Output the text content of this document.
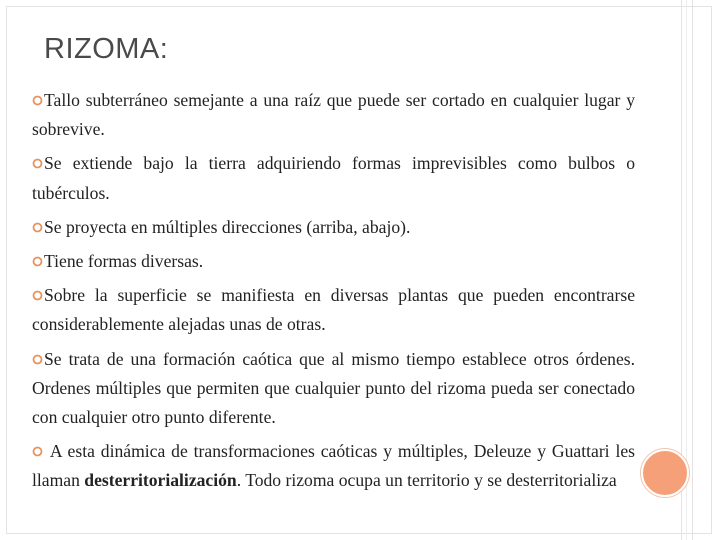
RIZOMA:
Tallo subterráneo semejante a una raíz que puede ser cortado en cualquier lugar y sobrevive.
Se extiende bajo la tierra adquiriendo formas imprevisibles como bulbos o tubérculos.
Se proyecta en múltiples direcciones (arriba, abajo).
Tiene formas diversas.
Sobre la superficie se manifiesta en diversas plantas que pueden encontrarse considerablemente alejadas unas de otras.
Se trata de una formación caótica que al mismo tiempo establece otros órdenes. Ordenes múltiples que permiten que cualquier punto del rizoma pueda ser conectado con cualquier otro punto diferente.
A esta dinámica de transformaciones caóticas y múltiples, Deleuze y Guattari les llaman desterritorialización. Todo rizoma ocupa un territorio y se desterritorializa
